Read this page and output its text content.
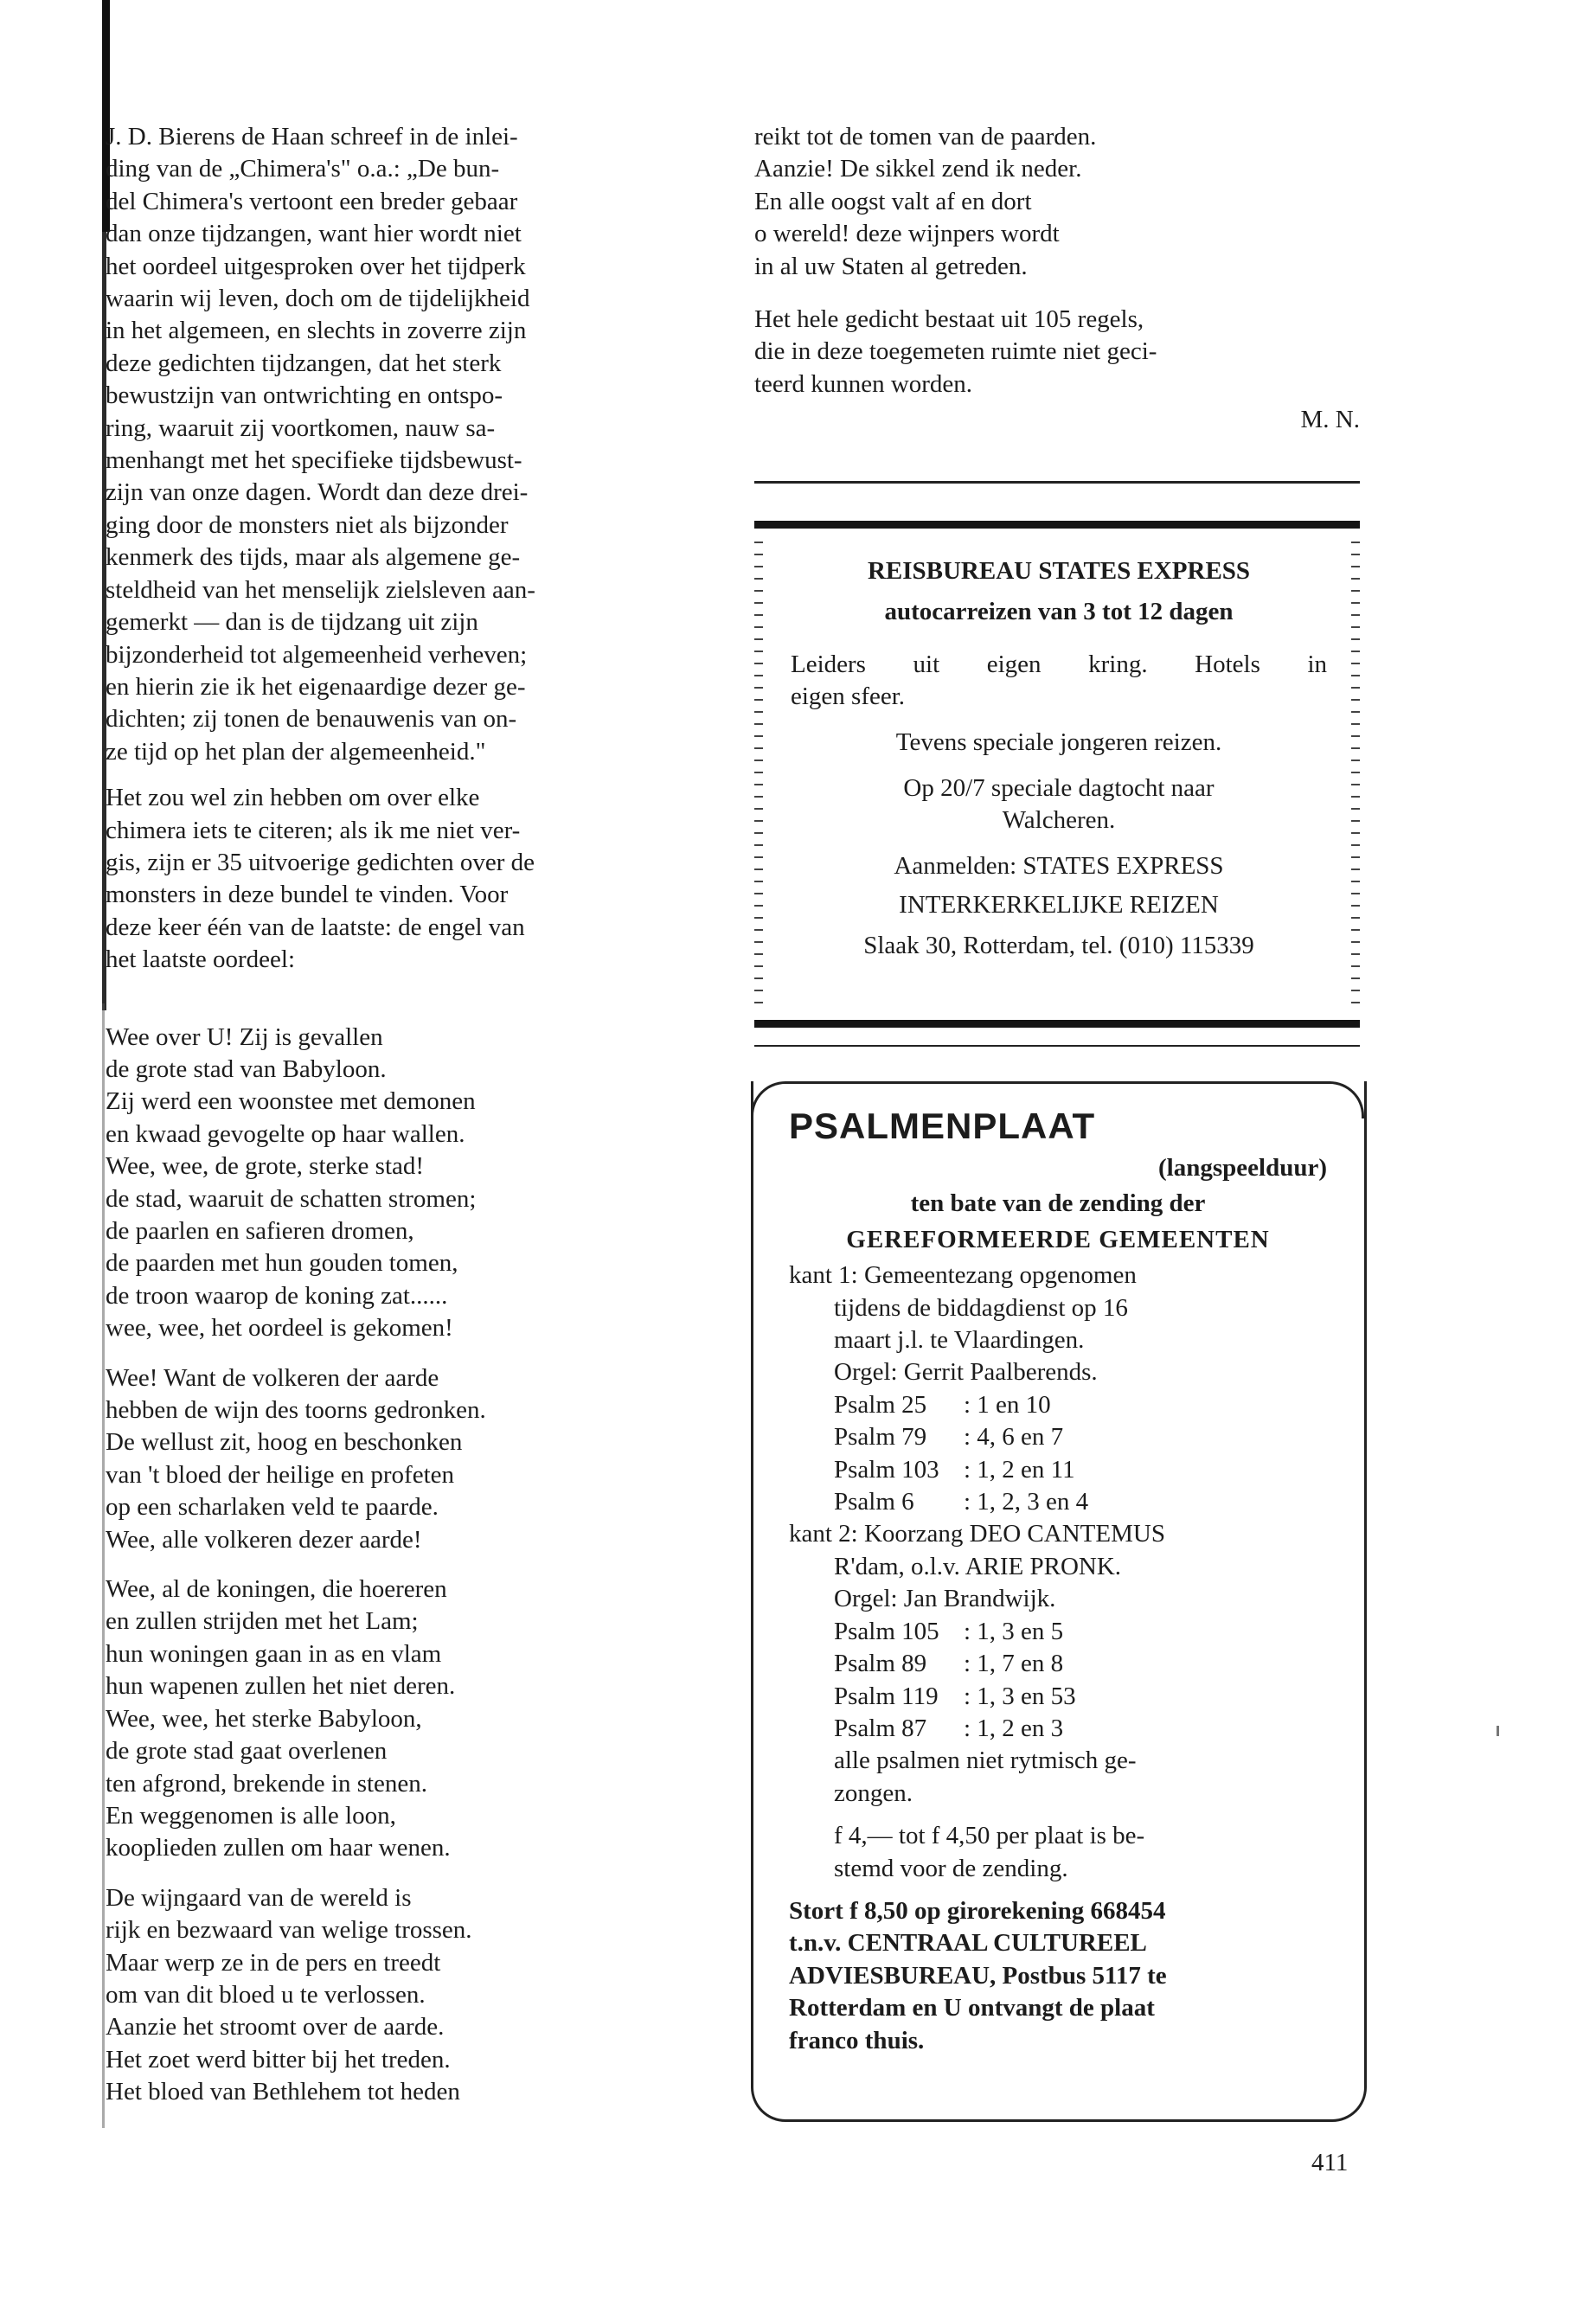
J. D. Bierens de Haan schreef in de inlei-
ding van de „Chimera's" o.a.: „De bun-
del Chimera's vertoont een breder gebaar
dan onze tijdzangen, want hier wordt niet
het oordeel uitgesproken over het tijdperk
waarin wij leven, doch om de tijdelijkheid
in het algemeen, en slechts in zoverre zijn
deze gedichten tijdzangen, dat het sterk
bewustzijn van ontwrichting en ontspo-
ring, waaruit zij voortkomen, nauw sa-
menhangt met het specifieke tijdsbewust-
zijn van onze dagen. Wordt dan deze drei-
ging door de monsters niet als bijzonder
kenmerk des tijds, maar als algemene ge-
steldheid van het menselijk zielsleven aan-
gemerkt — dan is de tijdzang uit zijn
bijzonderheid tot algemeenheid verheven;
en hierin zie ik het eigenaardige dezer ge-
dichten; zij tonen de benauwenis van on-
ze tijd op het plan der algemeenheid."
Het zou wel zin hebben om over elke
chimera iets te citeren; als ik me niet ver-
gis, zijn er 35 uitvoerige gedichten over de
monsters in deze bundel te vinden. Voor
deze keer één van de laatste: de engel van
het laatste oordeel:
Wee over U! Zij is gevallen
de grote stad van Babyloon.
Zij werd een woonstee met demonen
en kwaad gevogelte op haar wallen.
Wee, wee, de grote, sterke stad!
de stad, waaruit de schatten stromen;
de paarlen en safieren dromen,
de paarden met hun gouden tomen,
de troon waarop de koning zat......
wee, wee, het oordeel is gekomen!
Wee! Want de volkeren der aarde
hebben de wijn des toorns gedronken.
De wellust zit, hoog en beschonken
van 't bloed der heilige en profeten
op een scharlaken veld te paarde.
Wee, alle volkeren dezer aarde!
Wee, al de koningen, die hoereren
en zullen strijden met het Lam;
hun woningen gaan in as en vlam
hun wapenen zullen het niet deren.
Wee, wee, het sterke Babyloon,
de grote stad gaat overlenen
ten afgrond, brekende in stenen.
En weggenomen is alle loon,
kooplieden zullen om haar wenen.
De wijngaard van de wereld is
rijk en bezwaard van welige trossen.
Maar werp ze in de pers en treedt
om van dit bloed u te verlossen.
Aanzie het stroomt over de aarde.
Het zoet werd bitter bij het treden.
Het bloed van Bethlehem tot heden
reikt tot de tomen van de paarden.
Aanzie! De sikkel zend ik neder.
En alle oogst valt af en dort
o wereld! deze wijnpers wordt
in al uw Staten al getreden.
Het hele gedicht bestaat uit 105 regels,
die in deze toegemeten ruimte niet geci-
teerd kunnen worden.
M. N.

REISBUREAU STATES EXPRESS

autocarreizen van 3 tot 12 dagen

Leiders uit eigen kring. Hotels in
eigen sfeer.

Tevens speciale jongeren reizen.

Op 20/7 speciale dagtocht naar
Walcheren.
Aanmelden: STATES EXPRESS
INTERKERKELIJKE REIZEN

Slaak 30, Rotterdam, tel. (010) 115339

PSALMENPLAAT

(langspeelduur)

ten bate van de zending der

GEREFORMEERDE GEMEENTEN

kant 1: Gemeentezang opgenomen
tijdens de biddagdienst op 16
maart j.l. te Vlaardingen.
Orgel: Gerrit Paalberends.
Psalm 25 : 1 en 10
Psalm 79 : 4, 6 en 7
Psalm 103 : 1, 2 en 11
Psalm 6 : 1, 2, 3 en 4
kant 2: Koorzang DEO CANTEMUS
R'dam, o.l.v. ARIE PRONK.
Orgel: Jan Brandwijk.
Psalm 105 : 1, 3 en 5
Psalm 89 : 1, 7 en 8
Psalm 119 : 1, 3 en 53
Psalm 87 : 1, 2 en 3
alle psalmen niet rytmisch ge-
zongen.
f 4,— tot f 4,50 per plaat is be-
stemd voor de zending.
Stort f 8,50 op girorekening 668454
t.n.v. CENTRAAL CULTUREEL
ADVIESBUREAU, Postbus 5117 te
Rotterdam en U ontvangt de plaat
franco thuis.
411
